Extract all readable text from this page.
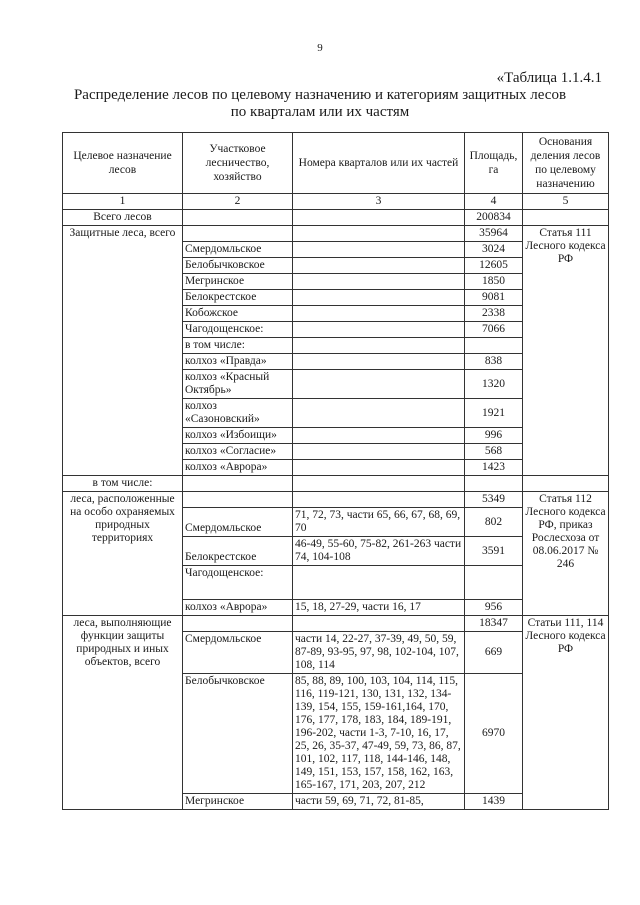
9
«Таблица 1.1.4.1
Распределение лесов по целевому назначению и категориям защитных лесов
по кварталам или их частям
Целевое назначение лесов	Участковое лесничество, хозяйство	Номера кварталов или их частей	Площадь, га	Основания деления лесов по целевому назначению
1	2	3	4	5
Всего лесов			200834	
Защитные леса, всего			35964	Статья 111 Лесного кодекса РФ
	Смердомльское		3024	
	Белобычковское		12605	
	Мегринское		1850	
	Белокрестское		9081	
	Кобожское		2338	
	Чагодощенское:		7066	
	в том числе:			
	колхоз «Правда»		838	
	колхоз «Красный Октябрь»		1320	
	колхоз «Сазоновский»		1921	
	колхоз «Избоищи»		996	
	колхоз «Согласие»		568	
	колхоз «Аврора»		1423	
в том числе:				
леса, расположенные на особо охраняемых природных территориях			5349	Статья 112 Лесного кодекса РФ, приказ Рослесхоза от 08.06.2017 № 246
	Смердомльское	71, 72, 73, части 65, 66, 67, 68, 69, 70	802	
	Белокрестское	46-49, 55-60, 75-82, 261-263 части 74, 104-108	3591	
	Чагодощенское:			
	колхоз «Аврора»	15, 18, 27-29, части 16, 17	956	
леса, выполняющие функции защиты природных и иных объектов, всего			18347	Статьи 111, 114 Лесного кодекса РФ
	Смердомльское	части 14, 22-27, 37-39, 49, 50, 59, 87-89, 93-95, 97, 98, 102-104, 107, 108, 114	669	
	Белобычковское	85, 88, 89, 100, 103, 104, 114, 115, 116, 119-121, 130, 131, 132, 134-139, 154, 155, 159-161,164, 170, 176, 177, 178, 183, 184, 189-191, 196-202, части 1-3, 7-10, 16, 17, 25, 26, 35-37, 47-49, 59, 73, 86, 87, 101, 102, 117, 118, 144-146, 148, 149, 151, 153, 157, 158, 162, 163, 165-167, 171, 203, 207, 212	6970	
	Мегринское	части 59, 69, 71, 72, 81-85,	1439	
